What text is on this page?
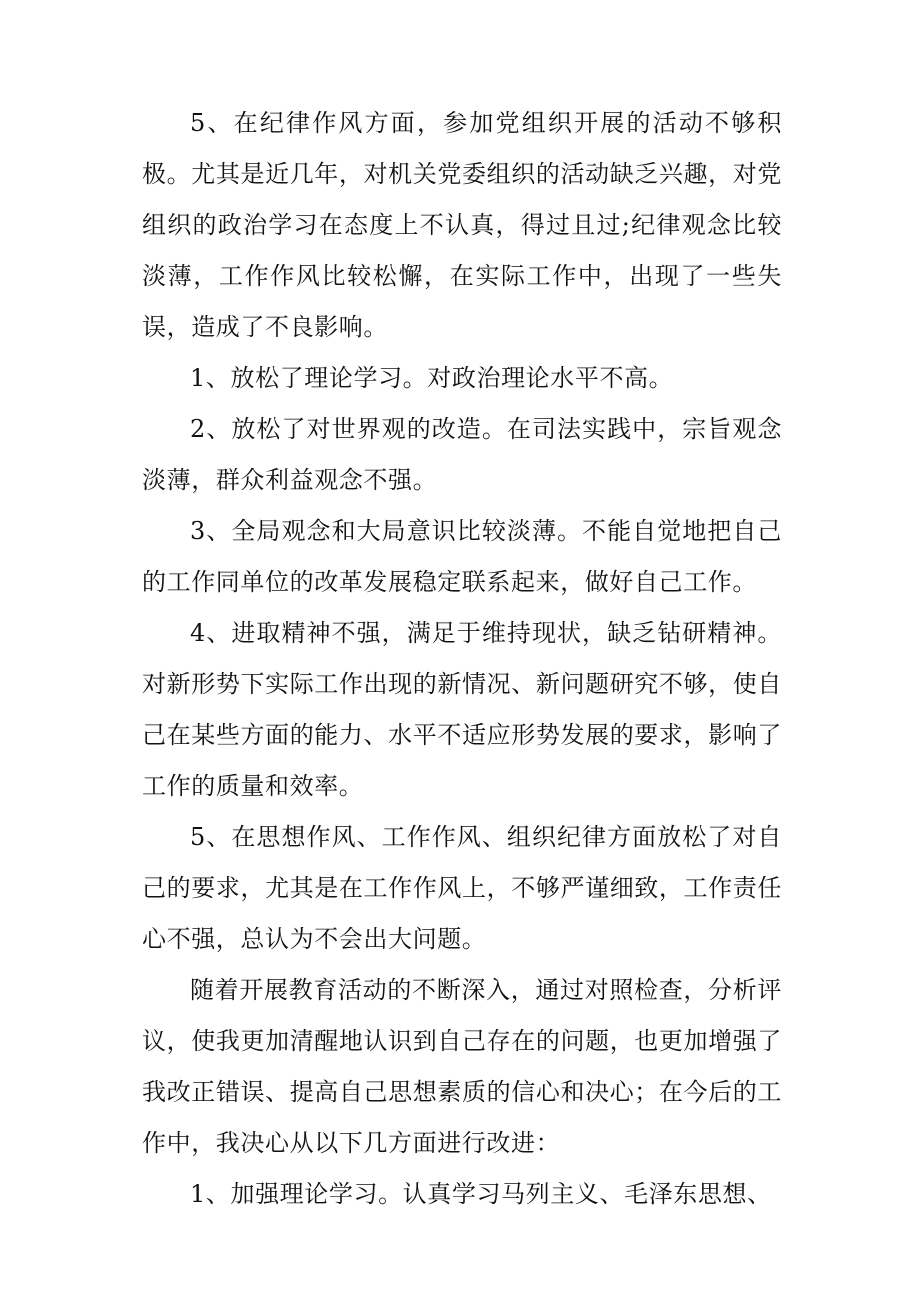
5、在纪律作风方面，参加党组织开展的活动不够积极。尤其是近几年，对机关党委组织的活动缺乏兴趣，对党组织的政治学习在态度上不认真，得过且过;纪律观念比较淡薄，工作作风比较松懈，在实际工作中，出现了一些失误，造成了不良影响。

1、放松了理论学习。对政治理论水平不高。

2、放松了对世界观的改造。在司法实践中，宗旨观念淡薄，群众利益观念不强。

3、全局观念和大局意识比较淡薄。不能自觉地把自己的工作同单位的改革发展稳定联系起来，做好自己工作。

4、进取精神不强，满足于维持现状，缺乏钻研精神。对新形势下实际工作出现的新情况、新问题研究不够，使自己在某些方面的能力、水平不适应形势发展的要求，影响了工作的质量和效率。

5、在思想作风、工作作风、组织纪律方面放松了对自己的要求，尤其是在工作作风上，不够严谨细致，工作责任心不强，总认为不会出大问题。

随着开展教育活动的不断深入，通过对照检查，分析评议，使我更加清醒地认识到自己存在的问题，也更加增强了我改正错误、提高自己思想素质的信心和决心；在今后的工作中，我决心从以下几方面进行改进：

1、加强理论学习。认真学习马列主义、毛泽东思想、
